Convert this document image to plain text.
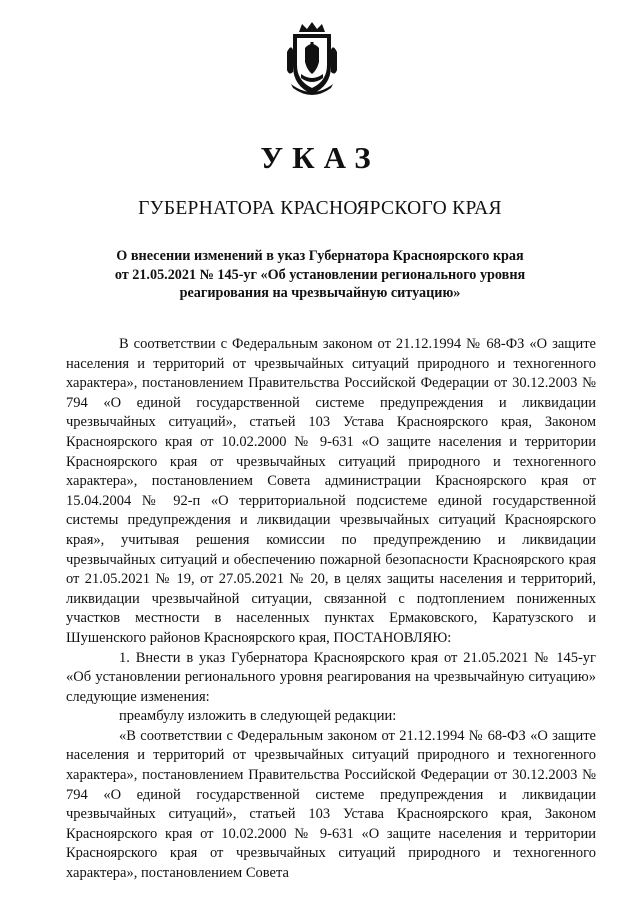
УКАЗ
ГУБЕРНАТОРА КРАСНОЯРСКОГО КРАЯ
О внесении изменений в указ Губернатора Красноярского края
от 21.05.2021 № 145-уг «Об установлении регионального уровня
реагирования на чрезвычайную ситуацию»

В соответствии с Федеральным законом от 21.12.1994 № 68-ФЗ «О защите населения и территорий от чрезвычайных ситуаций природного и техногенного характера», постановлением Правительства Российской Федерации от 30.12.2003 № 794 «О единой государственной системе предупреждения и ликвидации чрезвычайных ситуаций», статьей 103 Устава Красноярского края, Законом Красноярского края от 10.02.2000 № 9-631 «О защите населения и территории Красноярского края от чрезвычайных ситуаций природного и техногенного характера», постановлением Совета администрации Красноярского края от 15.04.2004 № 92-п «О территориальной подсистеме единой государственной системы предупреждения и ликвидации чрезвычайных ситуаций Красноярского края», учитывая решения комиссии по предупреждению и ликвидации чрезвычайных ситуаций и обеспечению пожарной безопасности Красноярского края от 21.05.2021 № 19, от 27.05.2021 № 20, в целях защиты населения и территорий, ликвидации чрезвычайной ситуации, связанной с подтоплением пониженных участков местности в населенных пунктах Ермаковского, Каратузского и Шушенского районов Красноярского края, ПОСТАНОВЛЯЮ:

1. Внести в указ Губернатора Красноярского края от 21.05.2021 № 145-уг «Об установлении регионального уровня реагирования на чрезвычайную ситуацию» следующие изменения:

преамбулу изложить в следующей редакции:

«В соответствии с Федеральным законом от 21.12.1994 № 68-ФЗ «О защите населения и территорий от чрезвычайных ситуаций природного и техногенного характера», постановлением Правительства Российской Федерации от 30.12.2003 № 794 «О единой государственной системе предупреждения и ликвидации чрезвычайных ситуаций», статьей 103 Устава Красноярского края, Законом Красноярского края от 10.02.2000 № 9-631 «О защите населения и территории Красноярского края от чрезвычайных ситуаций природного и техногенного характера», постановлением Совета
